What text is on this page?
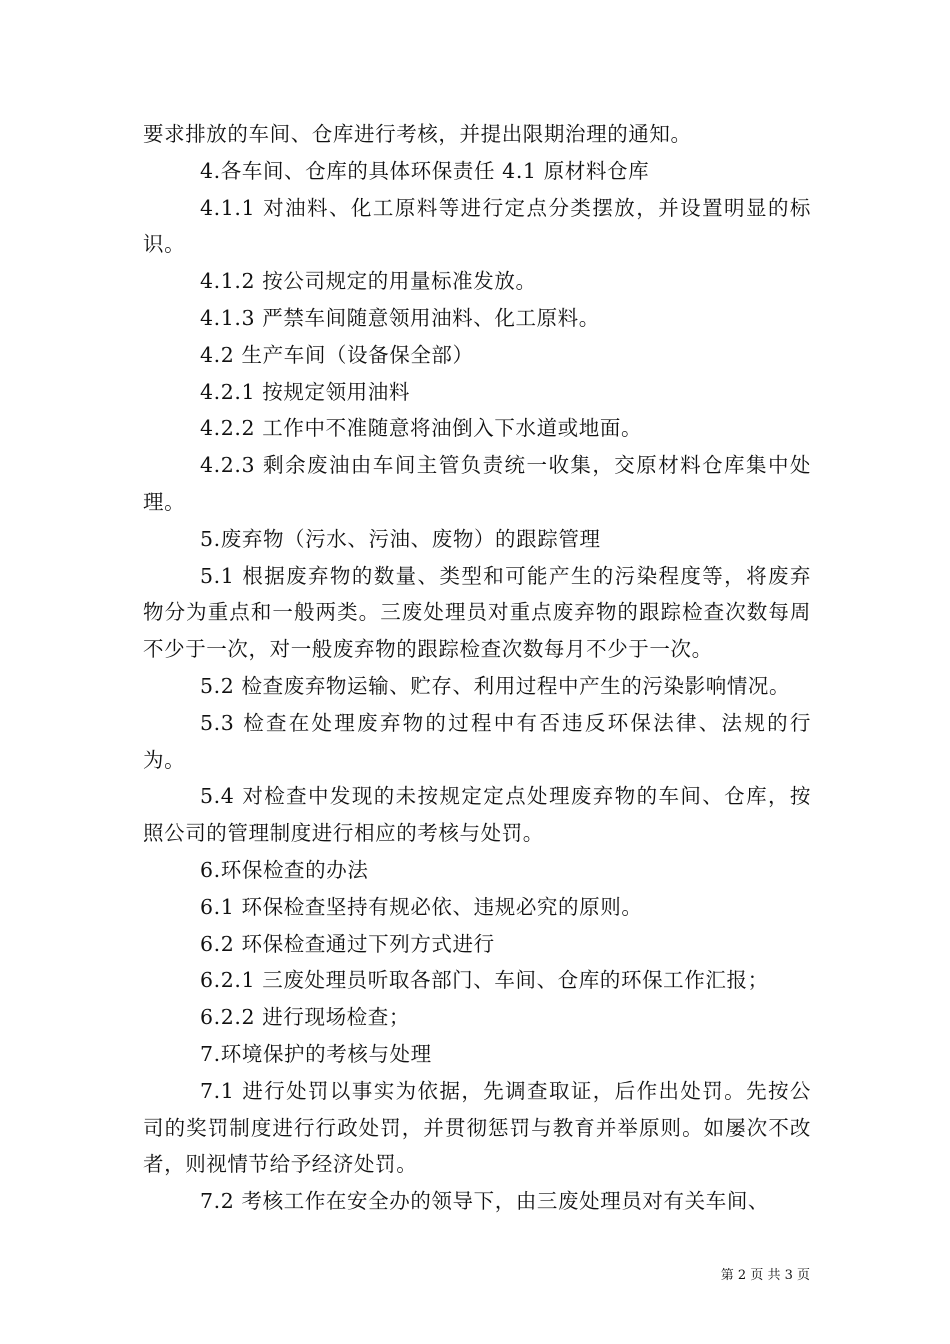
要求排放的车间、仓库进行考核，并提出限期治理的通知。

4.各车间、仓库的具体环保责任 4.1 原材料仓库

4.1.1 对油料、化工原料等进行定点分类摆放，并设置明显的标识。

4.1.2 按公司规定的用量标准发放。

4.1.3 严禁车间随意领用油料、化工原料。

4.2 生产车间（设备保全部）

4.2.1 按规定领用油料

4.2.2 工作中不准随意将油倒入下水道或地面。

4.2.3 剩余废油由车间主管负责统一收集，交原材料仓库集中处理。

5.废弃物（污水、污油、废物）的跟踪管理

5.1 根据废弃物的数量、类型和可能产生的污染程度等，将废弃物分为重点和一般两类。三废处理员对重点废弃物的跟踪检查次数每周不少于一次，对一般废弃物的跟踪检查次数每月不少于一次。

5.2 检查废弃物运输、贮存、利用过程中产生的污染影响情况。

5.3 检查在处理废弃物的过程中有否违反环保法律、法规的行为。

5.4 对检查中发现的未按规定定点处理废弃物的车间、仓库，按照公司的管理制度进行相应的考核与处罚。

6.环保检查的办法

6.1 环保检查坚持有规必依、违规必究的原则。

6.2 环保检查通过下列方式进行

6.2.1 三废处理员听取各部门、车间、仓库的环保工作汇报；

6.2.2 进行现场检查；

7.环境保护的考核与处理

7.1 进行处罚以事实为依据，先调查取证，后作出处罚。先按公司的奖罚制度进行行政处罚，并贯彻惩罚与教育并举原则。如屡次不改者，则视情节给予经济处罚。

7.2 考核工作在安全办的领导下，由三废处理员对有关车间、

第 2 页 共 3 页
